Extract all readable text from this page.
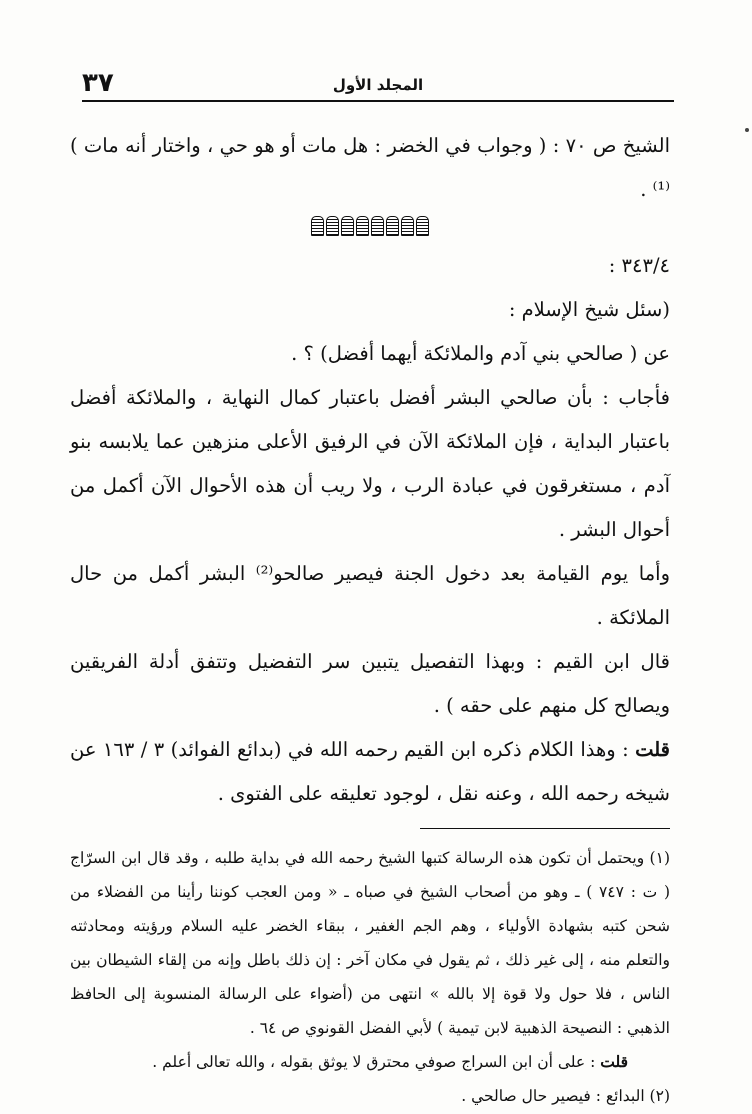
٣٧	المجلد الأول

الشيخ ص ٧٠ : ( وجواب في الخضر : هل مات أو هو حي ، واختار أنه مات )⁽¹⁾ .

٣٤٣/٤ :

(سئل شيخ الإسلام :

عن ( صالحي بني آدم والملائكة أيهما أفضل) ؟ .

فأجاب : بأن صالحي البشر أفضل باعتبار كمال النهاية ، والملائكة أفضل باعتبار البداية ، فإن الملائكة الآن في الرفيق الأعلى منزهين عما يلابسه بنو آدم ، مستغرقون في عبادة الرب ، ولا ريب أن هذه الأحوال الآن أكمل من أحوال البشر .

وأما يوم القيامة بعد دخول الجنة فيصير صالحو⁽²⁾ البشر أكمل من حال الملائكة .

قال ابن القيم : وبهذا التفصيل يتبين سر التفضيل وتتفق أدلة الفريقين ويصالح كل منهم على حقه ) .

قلت : وهذا الكلام ذكره ابن القيم رحمه الله في (بدائع الفوائد) ٣ / ١٦٣ عن شيخه رحمه الله ، وعنه نقل ، لوجود تعليقه على الفتوى .

(١) ويحتمل أن تكون هذه الرسالة كتبها الشيخ رحمه الله في بداية طلبه ، وقد قال ابن السرّاج ( ت : ٧٤٧ ) ـ وهو من أصحاب الشيخ في صباه ـ « ومن العجب كوننا رأينا من الفضلاء من شحن كتبه بشهادة الأولياء ، وهم الجم الغفير ، ببقاء الخضر عليه السلام ورؤيته ومحادثته والتعلم منه ، إلى غير ذلك ، ثم يقول في مكان آخر : إن ذلك باطل وإنه من إلقاء الشيطان بين الناس ، فلا حول ولا قوة إلا بالله » انتهى من (أضواء على الرسالة المنسوبة إلى الحافظ الذهبي : النصيحة الذهبية لابن تيمية ) لأبي الفضل القونوي ص ٦٤ .

قلت : على أن ابن السراج صوفي محترق لا يوثق بقوله ، والله تعالى أعلم .

(٢) البدائع : فيصير حال صالحي .
